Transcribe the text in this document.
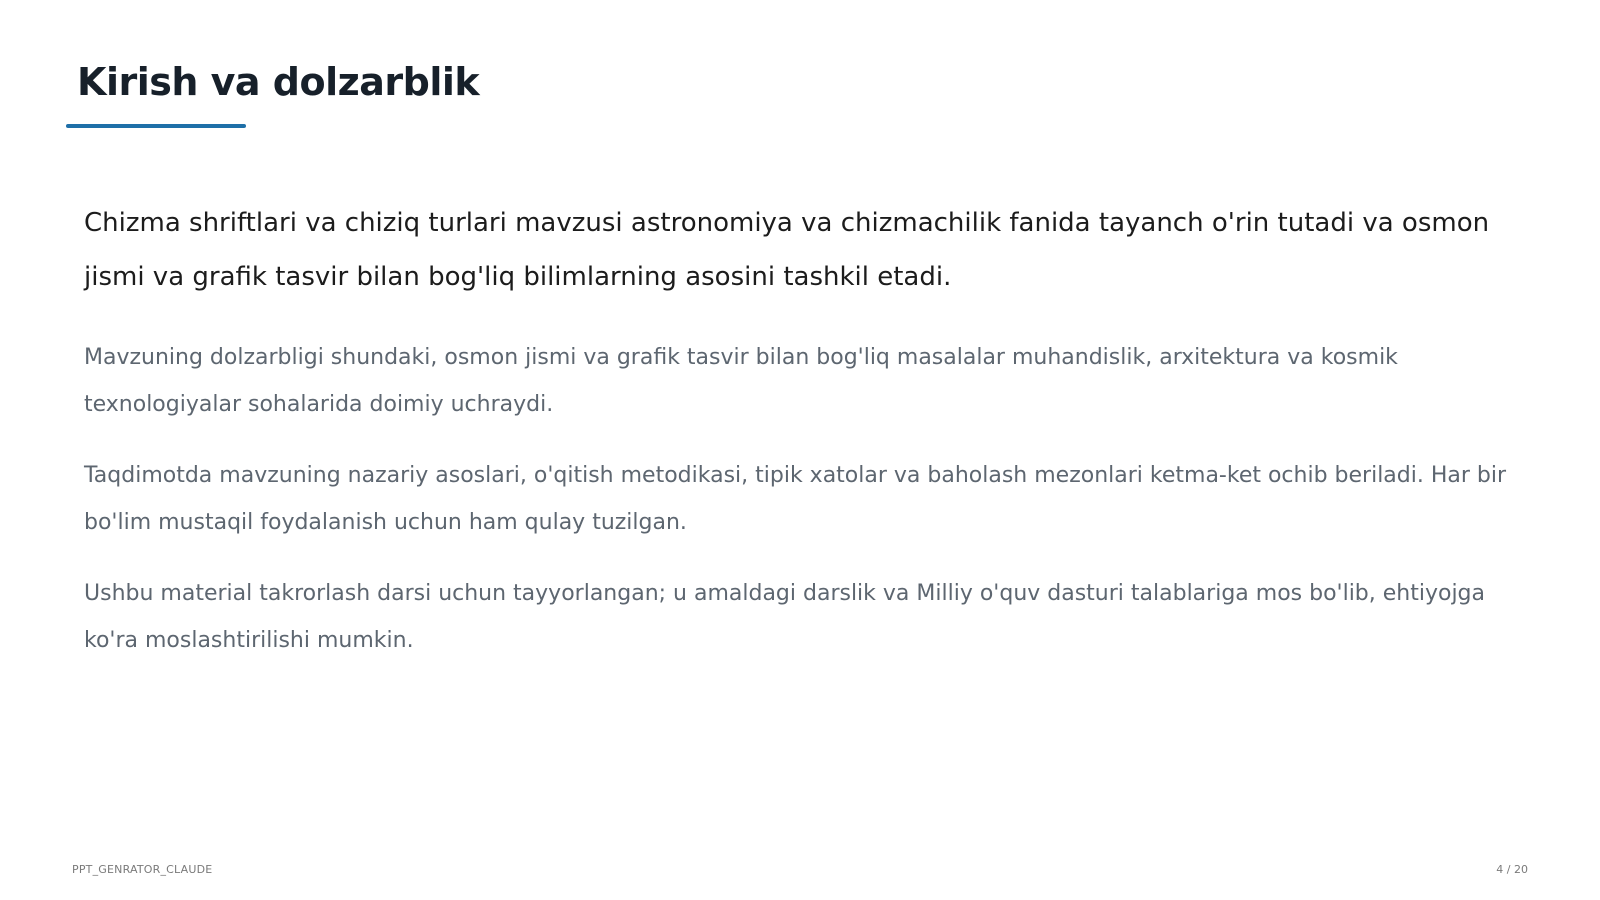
Kirish va dolzarblik

Chizma shriftlari va chiziq turlari mavzusi astronomiya va chizmachilik fanida tayanch o'rin tutadi va osmon jismi va grafik tasvir bilan bog'liq bilimlarning asosini tashkil etadi.

Mavzuning dolzarbligi shundaki, osmon jismi va grafik tasvir bilan bog'liq masalalar muhandislik, arxitektura va kosmik texnologiyalar sohalarida doimiy uchraydi.

Taqdimotda mavzuning nazariy asoslari, o'qitish metodikasi, tipik xatolar va baholash mezonlari ketma-ket ochib beriladi. Har bir bo'lim mustaqil foydalanish uchun ham qulay tuzilgan.

Ushbu material takrorlash darsi uchun tayyorlangan; u amaldagi darslik va Milliy o'quv dasturi talablariga mos bo'lib, ehtiyojga ko'ra moslashtirilishi mumkin.

PPT_GENRATOR_CLAUDE	4 / 20
